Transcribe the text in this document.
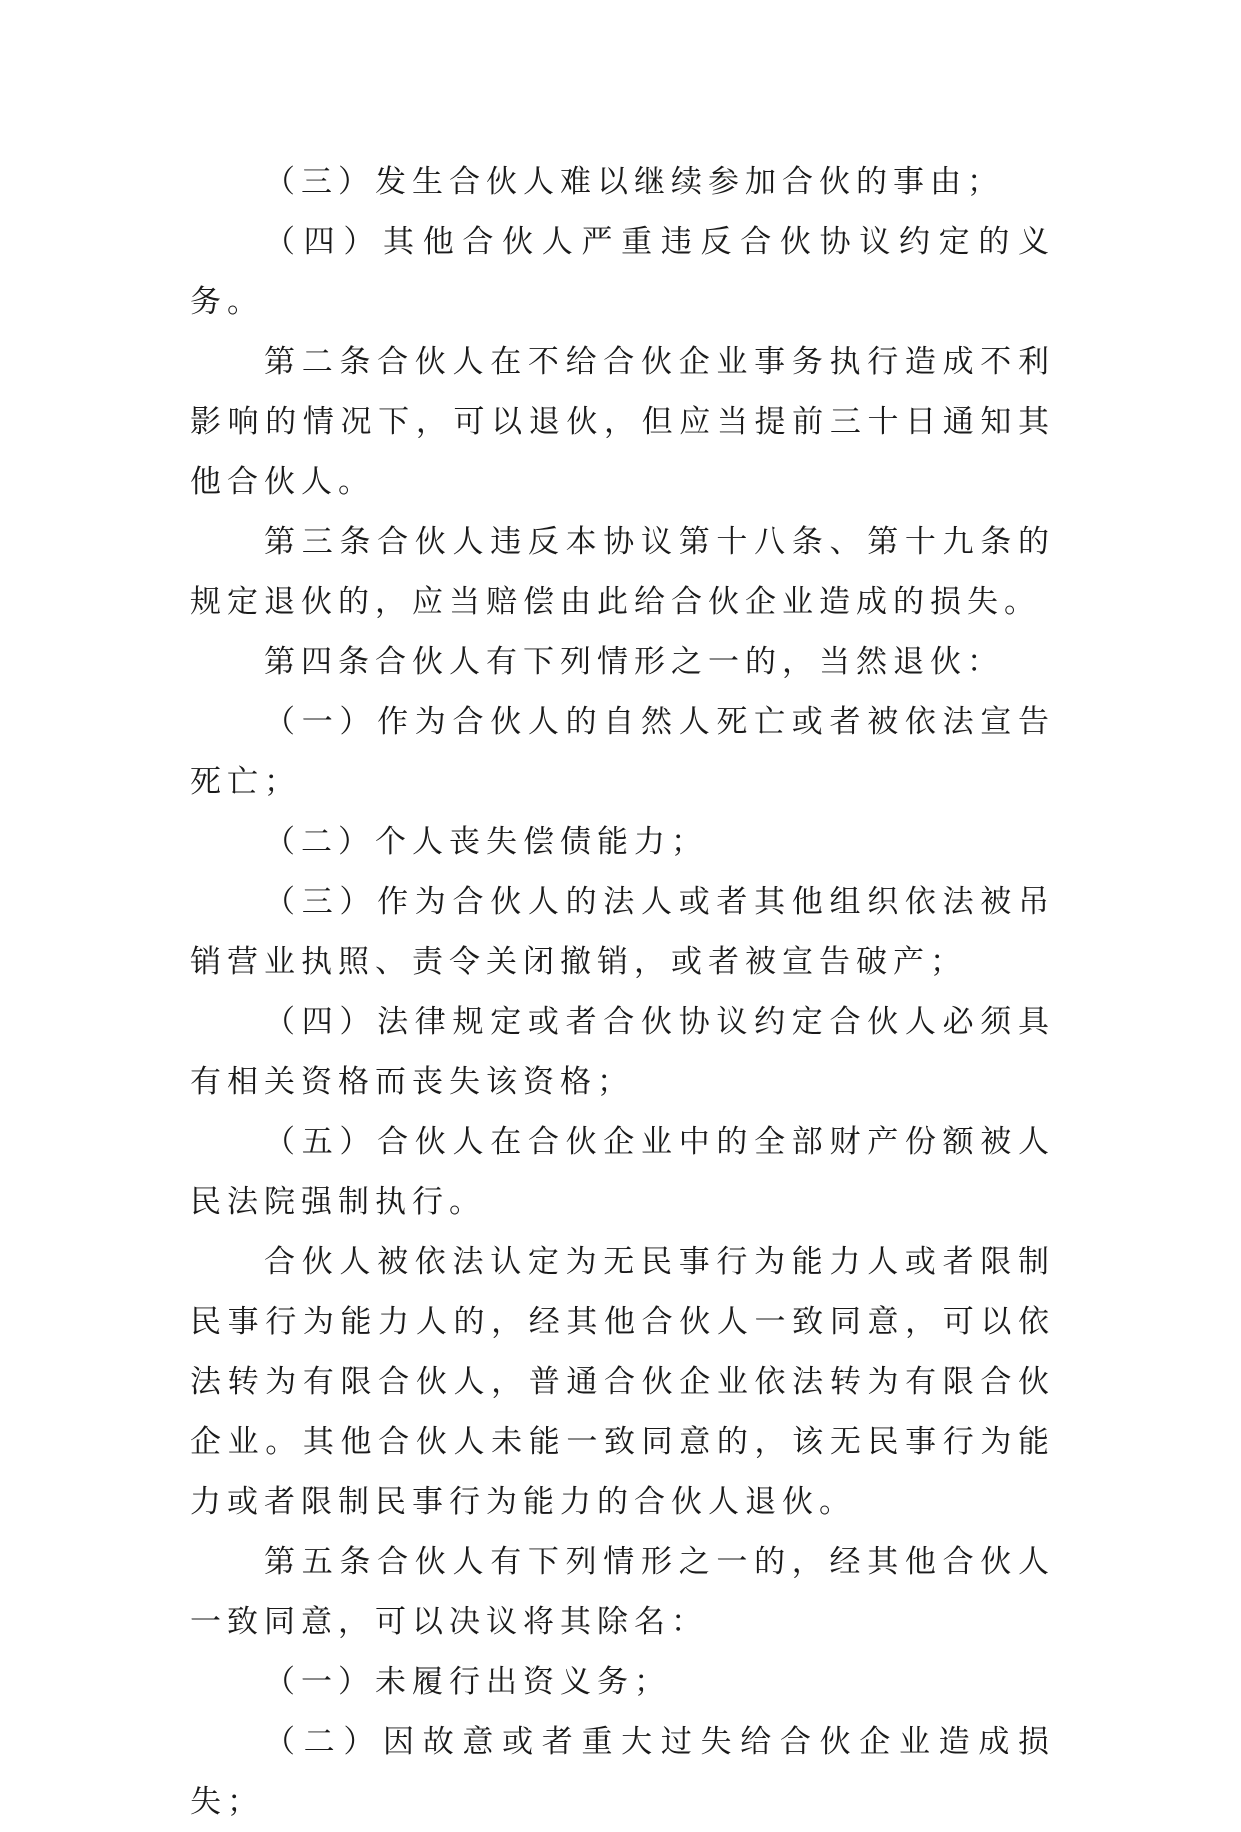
（三）发生合伙人难以继续参加合伙的事由；

（四）其他合伙人严重违反合伙协议约定的义务。

第二条合伙人在不给合伙企业事务执行造成不利影响的情况下，可以退伙，但应当提前三十日通知其他合伙人。

第三条合伙人违反本协议第十八条、第十九条的规定退伙的，应当赔偿由此给合伙企业造成的损失。

第四条合伙人有下列情形之一的，当然退伙：

（一）作为合伙人的自然人死亡或者被依法宣告死亡；

（二）个人丧失偿债能力；

（三）作为合伙人的法人或者其他组织依法被吊销营业执照、责令关闭撤销，或者被宣告破产；

（四）法律规定或者合伙协议约定合伙人必须具有相关资格而丧失该资格；

（五）合伙人在合伙企业中的全部财产份额被人民法院强制执行。

合伙人被依法认定为无民事行为能力人或者限制民事行为能力人的，经其他合伙人一致同意，可以依法转为有限合伙人，普通合伙企业依法转为有限合伙企业。其他合伙人未能一致同意的，该无民事行为能力或者限制民事行为能力的合伙人退伙。

第五条合伙人有下列情形之一的，经其他合伙人一致同意，可以决议将其除名：

（一）未履行出资义务；

（二）因故意或者重大过失给合伙企业造成损失；
